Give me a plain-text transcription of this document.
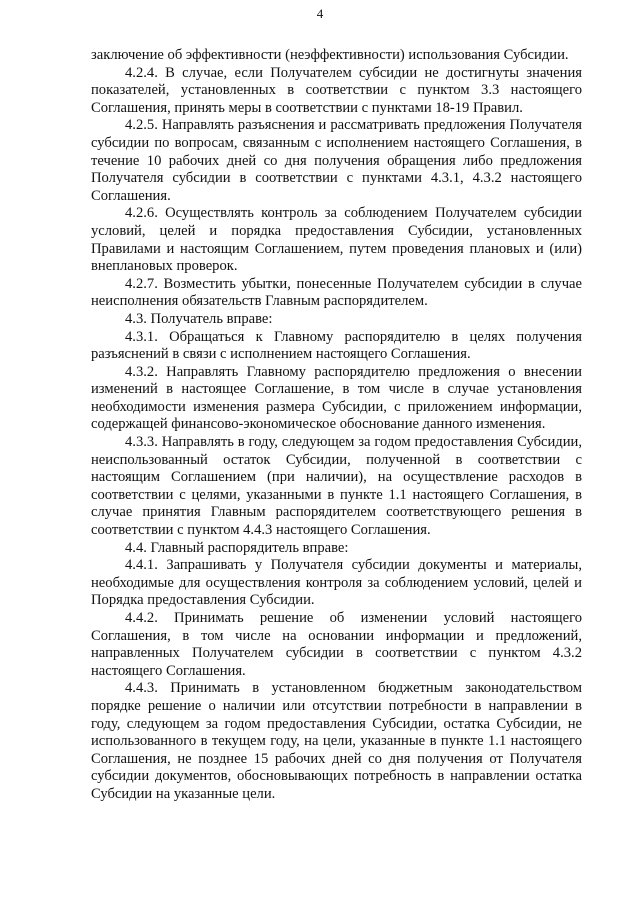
4

заключение об эффективности (неэффективности) использования Субсидии.

4.2.4. В случае, если Получателем субсидии не достигнуты значения показателей, установленных в соответствии с пунктом 3.3 настоящего Соглашения, принять меры в соответствии с пунктами 18-19 Правил.

4.2.5. Направлять разъяснения и рассматривать предложения Получателя субсидии по вопросам, связанным с исполнением настоящего Соглашения, в течение 10 рабочих дней со дня получения обращения либо предложения Получателя субсидии в соответствии с пунктами 4.3.1, 4.3.2 настоящего Соглашения.

4.2.6. Осуществлять контроль за соблюдением Получателем субсидии условий, целей и порядка предоставления Субсидии, установленных Правилами и настоящим Соглашением, путем проведения плановых и (или) внеплановых проверок.

4.2.7. Возместить убытки, понесенные Получателем субсидии в случае неисполнения обязательств Главным распорядителем.

4.3. Получатель вправе:

4.3.1. Обращаться к Главному распорядителю в целях получения разъяснений в связи с исполнением настоящего Соглашения.

4.3.2. Направлять Главному распорядителю предложения о внесении изменений в настоящее Соглашение, в том числе в случае установления необходимости изменения размера Субсидии, с приложением информации, содержащей финансово-экономическое обоснование данного изменения.

4.3.3. Направлять в году, следующем за годом предоставления Субсидии, неиспользованный остаток Субсидии, полученной в соответствии с настоящим Соглашением (при наличии), на осуществление расходов в соответствии с целями, указанными в пункте 1.1 настоящего Соглашения, в случае принятия Главным распорядителем соответствующего решения в соответствии с пунктом 4.4.3 настоящего Соглашения.

4.4. Главный распорядитель вправе:

4.4.1. Запрашивать у Получателя субсидии документы и материалы, необходимые для осуществления контроля за соблюдением условий, целей и Порядка предоставления Субсидии.

4.4.2. Принимать решение об изменении условий настоящего Соглашения, в том числе на основании информации и предложений, направленных Получателем субсидии в соответствии с пунктом 4.3.2 настоящего Соглашения.

4.4.3. Принимать в установленном бюджетным законодательством порядке решение о наличии или отсутствии потребности в направлении в году, следующем за годом предоставления Субсидии, остатка Субсидии, не использованного в текущем году, на цели, указанные в пункте 1.1 настоящего Соглашения, не позднее 15 рабочих дней со дня получения от Получателя субсидии документов, обосновывающих потребность в направлении остатка Субсидии на указанные цели.
